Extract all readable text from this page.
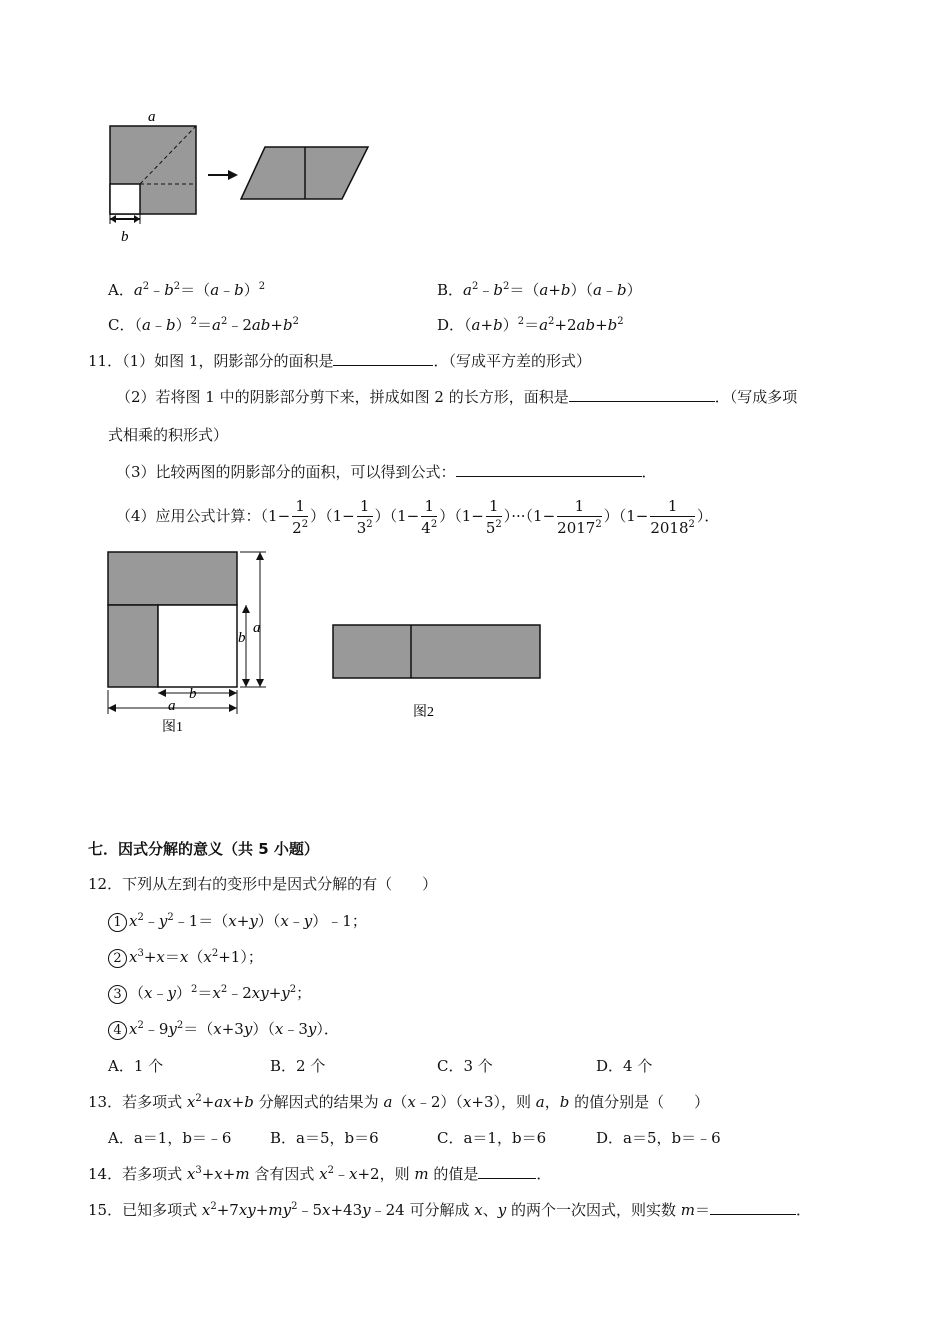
a
b
A．$a^2﹣b^2=(a﹣b)^2$	B．$a^2﹣b^2=(a+b)(a﹣b)$
C．$(a﹣b)^2=a^2﹣2ab+b^2$	D．$(a+b)^2=a^2+2ab+b^2$
11．（1）如图 1，阴影部分的面积是	．（写成平方差的形式）
（2）若将图 1 中的阴影部分剪下来，拼成如图 2 的长方形，面积是	．（写成多项
式相乘的积形式）
（3）比较两图的阴影部分的面积，可以得到公式：	．
（4）应用公式计算：$(1- \frac{1}{2^2} )(1- \frac{1}{3^2} )(1- \frac{1}{4^2} )(1- \frac{1}{5^2} )\cdot\cdot\cdot(1- \frac{1}{2017^2} )(1- \frac{1}{2018^2}$ ）．
a
b
b
a
图1
图2
七．因式分解的意义（共 5 小题）
12．下列从左到右的变形中是因式分解的有（　　）
1 $x^2﹣y^2﹣1=(x+y)(x﹣y)﹣1$；
2 $x^3+x=x(x^2+1)$；
3 $(x﹣y)^2=x^2﹣2xy+y^2$；
4 $x^2﹣9y^2=(x+3y)(x﹣3y)$．
A．1 个	B．2 个	C．3 个	D．4 个
13．若多项式 $x^2+ax+b$ 分解因式的结果为 a（x﹣2）（x+3），则 a，b 的值分别是（　　）
A．a＝1，b＝﹣6	B．a＝5，b＝6	C．a＝1，b＝6	D．a＝5，b＝﹣6
14．若多项式 $x^3+x+m$ 含有因式 $x^2﹣x+2$，则 m 的值是	．
15．已知多项式 $x^2+7xy+my^2﹣5x+43y﹣24$ 可分解成 x、y 的两个一次因式，则实数 m＝	．
